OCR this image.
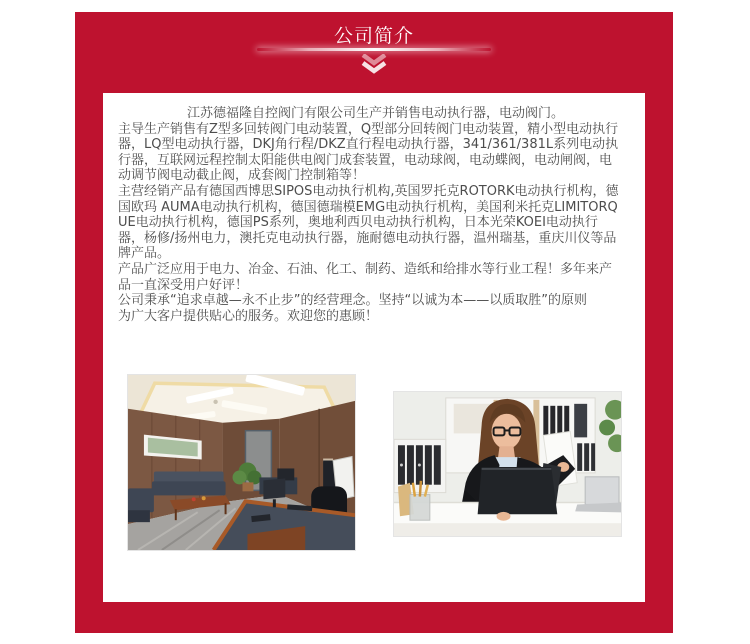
公司简介

江苏德福隆自控阀门有限公司生产并销售电动执行器，电动阀门。

主导生产销售有Z型多回转阀门电动装置，Q型部分回转阀门电动装置，精小型电动执行

器，LQ型电动执行器，DKJ角行程/DKZ直行程电动执行器，341/361/381L系列电动执

行器，互联网远程控制太阳能供电阀门成套装置，电动球阀，电动蝶阀，电动闸阀，电

动调节阀电动截止阀，成套阀门控制箱等！

主营经销产品有德国西博思SIPOS电动执行机构,英国罗托克ROTORK电动执行机构，德

国欧玛 AUMA电动执行机构，德国德瑞模EMG电动执行机构，美国利米托克LIMITORQ

UE电动执行机构，德国PS系列，奥地利西贝电动执行机构，日本光荣KOEI电动执行

器，杨修/扬州电力，澳托克电动执行器，施耐德电动执行器，温州瑞基，重庆川仪等品

牌产品。

产品广泛应用于电力、冶金、石油、化工、制药、造纸和给排水等行业工程！多年来产

品一直深受用户好评！

公司秉承“追求卓越—永不止步”的经营理念。坚持“以诚为本——以质取胜”的原则

为广大客户提供贴心的服务。欢迎您的惠顾！
